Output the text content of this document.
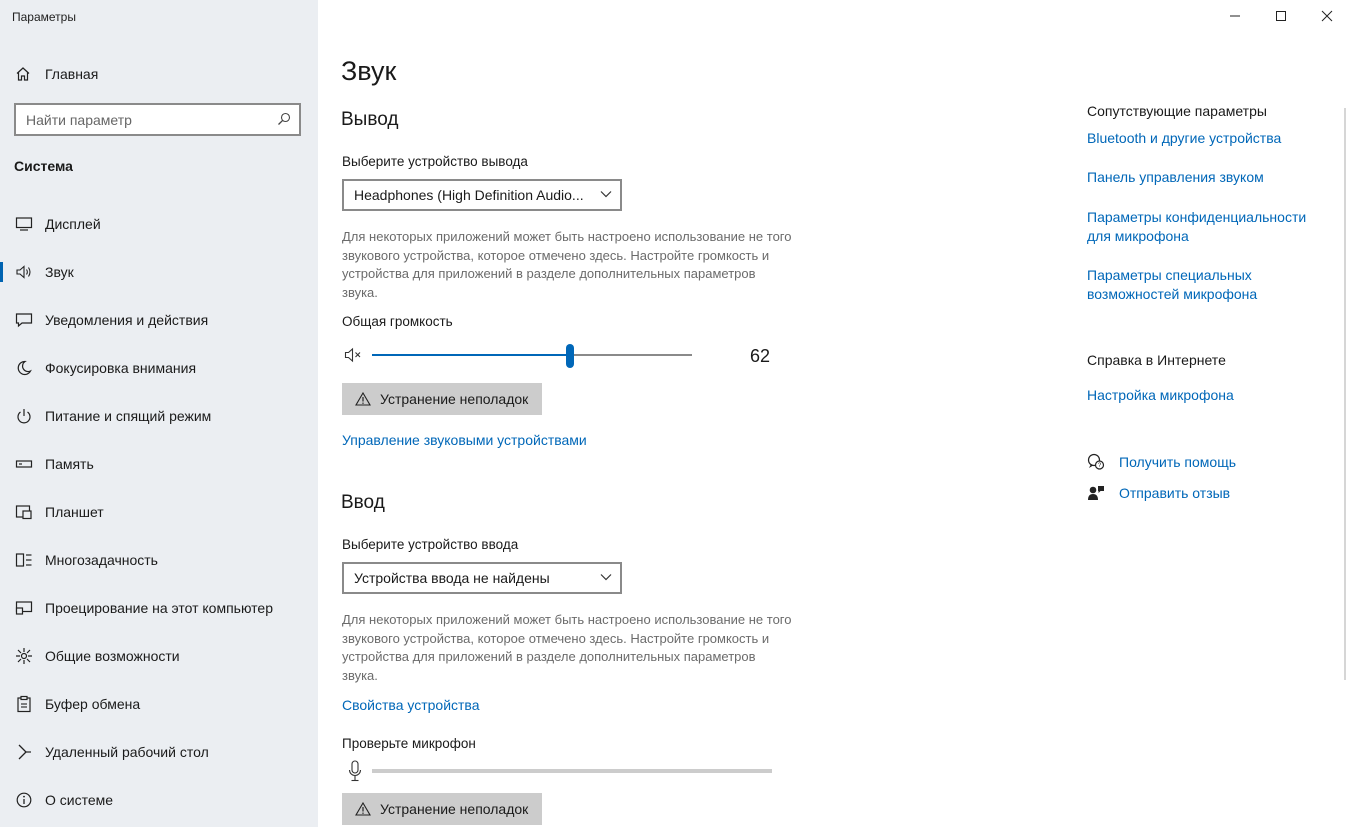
Параметры
Главная
Найти параметр
Система
Дисплей
Звук
Уведомления и действия
Фокусировка внимания
Питание и спящий режим
Память
Планшет
Многозадачность
Проецирование на этот компьютер
Общие возможности
Буфер обмена
Удаленный рабочий стол
О системе
Звук
Вывод
Выберите устройство вывода
Headphones (High Definition Audio...
Для некоторых приложений может быть настроено использование не того звукового устройства, которое отмечено здесь. Настройте громкость и устройства для приложений в разделе дополнительных параметров звука.
Общая громкость
62
Устранение неполадок
Управление звуковыми устройствами
Ввод
Выберите устройство ввода
Устройства ввода не найдены
Для некоторых приложений может быть настроено использование не того звукового устройства, которое отмечено здесь. Настройте громкость и устройства для приложений в разделе дополнительных параметров звука.
Свойства устройства
Проверьте микрофон
Устранение неполадок
Сопутствующие параметры
Bluetooth и другие устройства
Панель управления звуком
Параметры конфиденциальности для микрофона
Параметры специальных возможностей микрофона
Справка в Интернете
Настройка микрофона
? Получить помощь
Отправить отзыв
